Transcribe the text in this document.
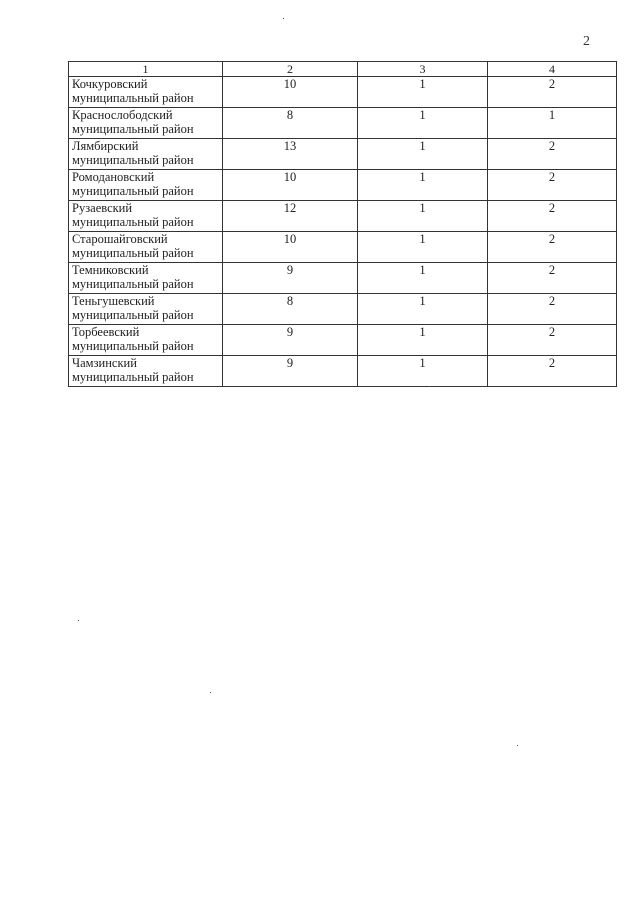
2
1	2	3	4
Кочкуровский
муниципальный район	10	1	2
Краснослободский
муниципальный район	8	1	1
Лямбирский
муниципальный район	13	1	2
Ромодановский
муниципальный район	10	1	2
Рузаевский
муниципальный район	12	1	2
Старошайговский
муниципальный район	10	1	2
Темниковский
муниципальный район	9	1	2
Теньгушевский
муниципальный район	8	1	2
Торбеевский
муниципальный район	9	1	2
Чамзинский
муниципальный район	9	1	2
